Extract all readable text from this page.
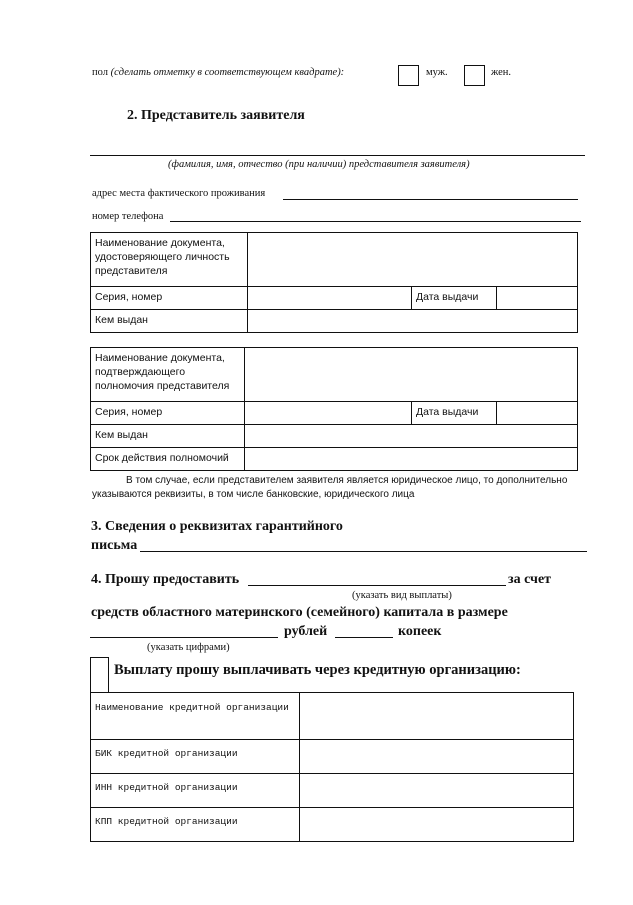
пол (сделать отметку в соответствующем квадрате):	муж.	жен.
2. Представитель заявителя
(фамилия, имя, отчество (при наличии) представителя заявителя)
адрес места фактического проживания
номер телефона
Наименование документа, удостоверяющего личность представителя			
Серия, номер		Дата выдачи	
Кем выдан			
Наименование документа, подтверждающего полномочия представителя			
Серия, номер		Дата выдачи	
Кем выдан			
Срок действия полномочий			
В том случае, если представителем заявителя является юридическое лицо, то дополнительно указываются реквизиты, в том числе банковские, юридического лица
3. Сведения о реквизитах гарантийного
письма
4. Прошу предоставить	за счет
(указать вид выплаты)
средств областного материнского (семейного) капитала в размере
рублей	копеек
(указать цифрами)
Выплату прошу выплачивать через кредитную организацию:
Наименование кредитной организации	
БИК кредитной организации	
ИНН кредитной организации	
КПП кредитной организации	
